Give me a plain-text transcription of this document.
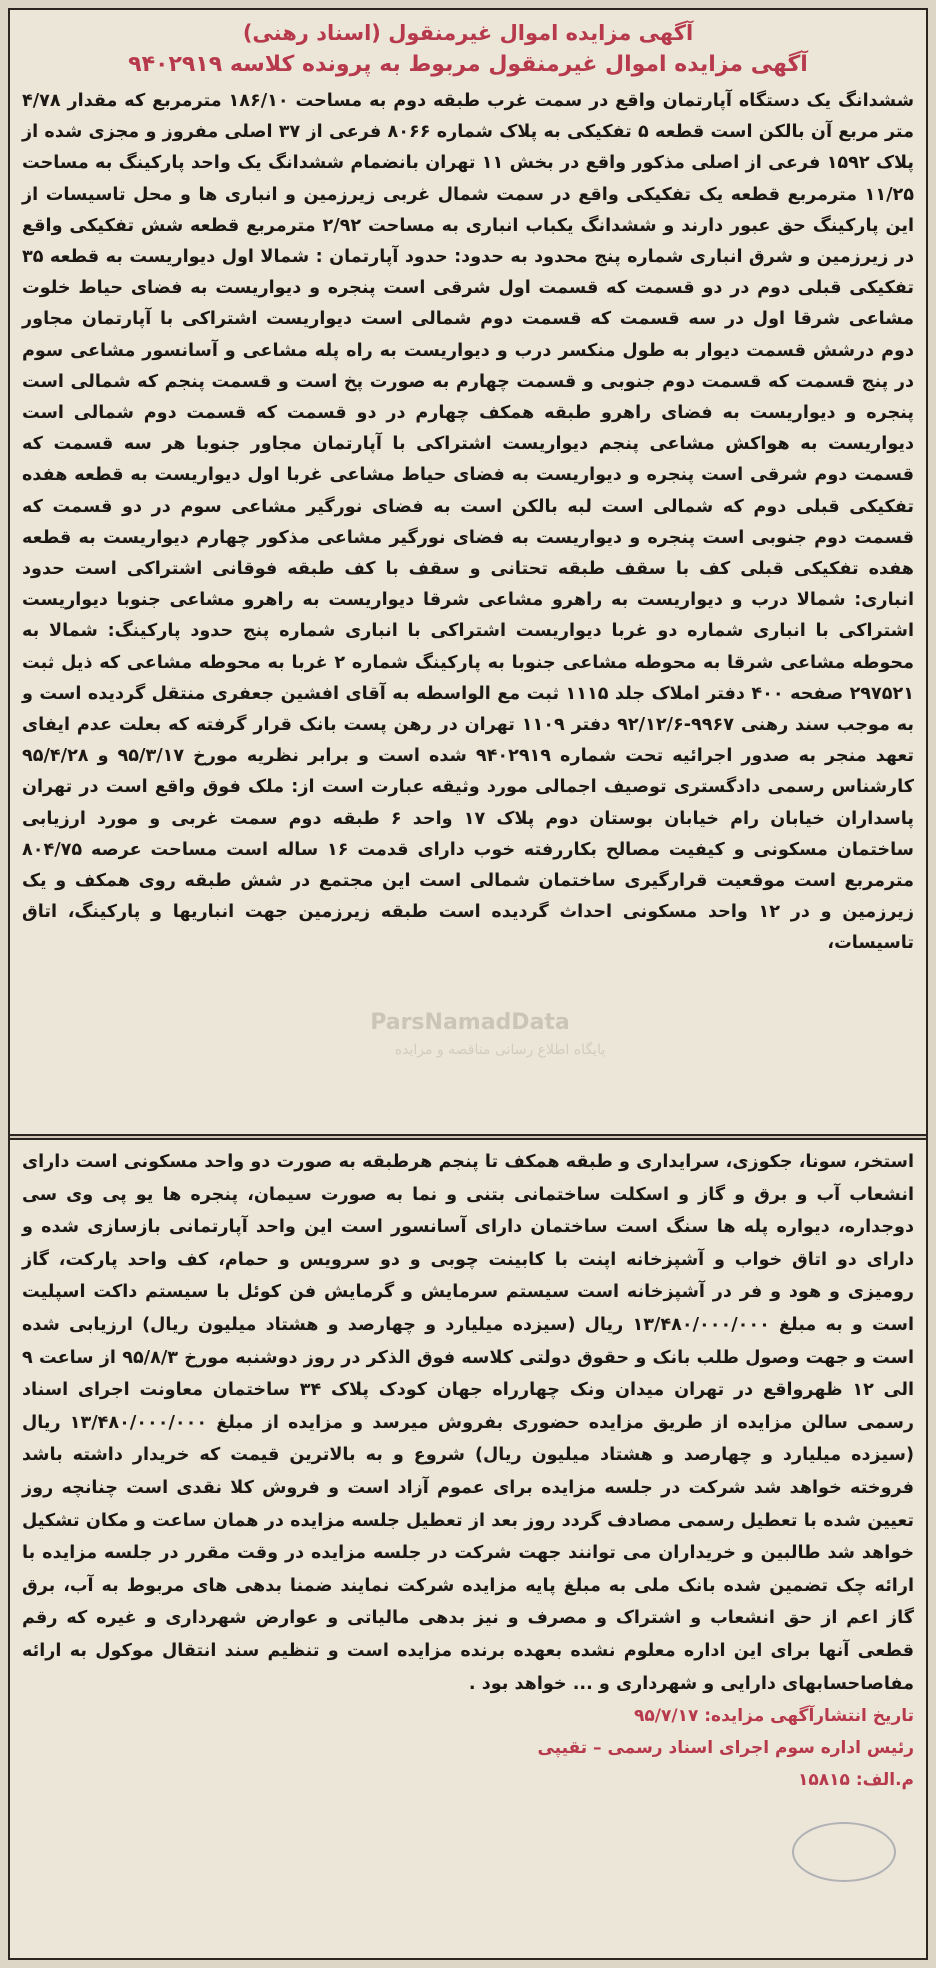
آگهی مزایده اموال غیرمنقول (اسناد رهنی)
آگهی مزایده اموال غیرمنقول مربوط به پرونده کلاسه ۹۴۰۲۹۱۹

ششدانگ یک دستگاه آپارتمان واقع در سمت غرب طبقه دوم به مساحت ۱۸۶/۱۰ مترمربع که مقدار ۴/۷۸ متر مربع آن بالکن است قطعه ۵ تفکیکی به پلاک شماره ۸۰۶۶ فرعی از ۳۷ اصلی مفروز و مجزی شده از پلاک ۱۵۹۲ فرعی از اصلی مذکور واقع در بخش ۱۱ تهران بانضمام ششدانگ یک واحد پارکینگ به مساحت ۱۱/۲۵ مترمربع قطعه یک تفکیکی واقع در سمت شمال غربی زیرزمین و انباری ها و محل تاسیسات از این پارکینگ حق عبور دارند و ششدانگ یکباب انباری به مساحت ۲/۹۲ مترمربع قطعه شش تفکیکی واقع در زیرزمین و شرق انباری شماره پنج محدود به حدود: حدود آپارتمان : شمالا اول دیواریست به قطعه ۳۵ تفکیکی قبلی دوم در دو قسمت که قسمت اول شرقی است پنجره و دیواریست به فضای حیاط خلوت مشاعی شرقا اول در سه قسمت که قسمت دوم شمالی است دیواریست اشتراکی با آپارتمان مجاور دوم درشش قسمت دیوار به طول منکسر درب و دیواریست به راه پله مشاعی و آسانسور مشاعی سوم در پنج قسمت که قسمت دوم جنوبی و قسمت چهارم به صورت پخ است و قسمت پنجم که شمالی است پنجره و دیواریست به فضای راهرو طبقه همکف چهارم در دو قسمت که قسمت دوم شمالی است دیواریست به هواکش مشاعی پنجم دیواریست اشتراکی با آپارتمان مجاور جنوبا هر سه قسمت که قسمت دوم شرقی است پنجره و دیواریست به فضای حیاط مشاعی غربا اول دیواریست به قطعه هفده تفکیکی قبلی دوم که شمالی است لبه بالکن است به فضای نورگیر مشاعی سوم در دو قسمت که قسمت دوم جنوبی است پنجره و دیواریست به فضای نورگیر مشاعی مذکور چهارم دیواریست به قطعه هفده تفکیکی قبلی کف با سقف طبقه تحتانی و سقف با کف طبقه فوقانی اشتراکی است حدود انباری: شمالا درب و دیواریست به راهرو مشاعی شرقا دیواریست به راهرو مشاعی جنوبا دیواریست اشتراکی با انباری شماره دو غربا دیواریست اشتراکی با انباری شماره پنج حدود پارکینگ: شمالا به محوطه مشاعی شرقا به محوطه مشاعی جنوبا به پارکینگ شماره ۲ غربا به محوطه مشاعی که ذیل ثبت ۲۹۷۵۲۱ صفحه ۴۰۰ دفتر املاک جلد ۱۱۱۵ ثبت مع الواسطه به آقای افشین جعفری منتقل گردیده است و به موجب سند رهنی ۹۹۶۷-۹۲/۱۲/۶ دفتر ۱۱۰۹ تهران در رهن پست بانک قرار گرفته که بعلت عدم ایفای تعهد منجر به صدور اجرائیه تحت شماره ۹۴۰۲۹۱۹ شده است و برابر نظریه مورخ ۹۵/۳/۱۷ و ۹۵/۴/۲۸ کارشناس رسمی دادگستری توصیف اجمالی مورد وثیقه عبارت است از: ملک فوق واقع است در تهران پاسداران خیابان رام خیابان بوستان دوم پلاک ۱۷ واحد ۶ طبقه دوم سمت غربی و مورد ارزیابی ساختمان مسکونی و کیفیت مصالح بکاررفته خوب دارای قدمت ۱۶ ساله است مساحت عرصه ۸۰۴/۷۵ مترمربع است موقعیت قرارگیری ساختمان شمالی است این مجتمع در شش طبقه روی همکف و یک زیرزمین و در ۱۲ واحد مسکونی احداث گردیده است طبقه زیرزمین جهت انباریها و پارکینگ، اتاق تاسیسات،

ParsNamadData
پایگاه اطلاع رسانی مناقصه و مزایده

استخر، سونا، جکوزی، سرایداری و طبقه همکف تا پنجم هرطبقه به صورت دو واحد مسکونی است دارای انشعاب آب و برق و گاز و اسکلت ساختمانی بتنی و نما به صورت سیمان، پنجره ها یو پی وی سی دوجداره، دیواره پله ها سنگ است ساختمان دارای آسانسور است این واحد آپارتمانی بازسازی شده و دارای دو اتاق خواب و آشپزخانه اپنت با کابینت چوبی و دو سرویس و حمام، کف واحد پارکت، گاز رومیزی و هود و فر در آشپزخانه است سیستم سرمایش و گرمایش فن کوئل با سیستم داکت اسپلیت است و به مبلغ ۱۳/۴۸۰/۰۰۰/۰۰۰ ریال (سیزده میلیارد و چهارصد و هشتاد میلیون ریال) ارزیابی شده است و جهت وصول طلب بانک و حقوق دولتی کلاسه فوق الذکر در روز دوشنبه مورخ ۹۵/۸/۳ از ساعت ۹ الی ۱۲ ظهرواقع در تهران میدان ونک چهارراه جهان کودک پلاک ۳۴ ساختمان معاونت اجرای اسناد رسمی سالن مزایده از طریق مزایده حضوری بفروش میرسد و مزایده از مبلغ ۱۳/۴۸۰/۰۰۰/۰۰۰ ریال (سیزده میلیارد و چهارصد و هشتاد میلیون ریال) شروع و به بالاترین قیمت که خریدار داشته باشد فروخته خواهد شد شرکت در جلسه مزایده برای عموم آزاد است و فروش کلا نقدی است چنانچه روز تعیین شده با تعطیل رسمی مصادف گردد روز بعد از تعطیل جلسه مزایده در همان ساعت و مکان تشکیل خواهد شد طالبین و خریداران می توانند جهت شرکت در جلسه مزایده در وقت مقرر در جلسه مزایده با ارائه چک تضمین شده بانک ملی به مبلغ پایه مزایده شرکت نمایند ضمنا بدهی های مربوط به آب، برق گاز اعم از حق انشعاب و اشتراک و مصرف و نیز بدهی مالیاتی و عوارض شهرداری و غیره که رقم قطعی آنها برای این اداره معلوم نشده بعهده برنده مزایده است و تنظیم سند انتقال موکول به ارائه مفاصاحسابهای دارایی و شهرداری و ... خواهد بود .

تاریخ انتشارآگهی مزایده: ۹۵/۷/۱۷

رئیس اداره سوم اجرای اسناد رسمی – تقیپی

م.الف: ۱۵۸۱۵
